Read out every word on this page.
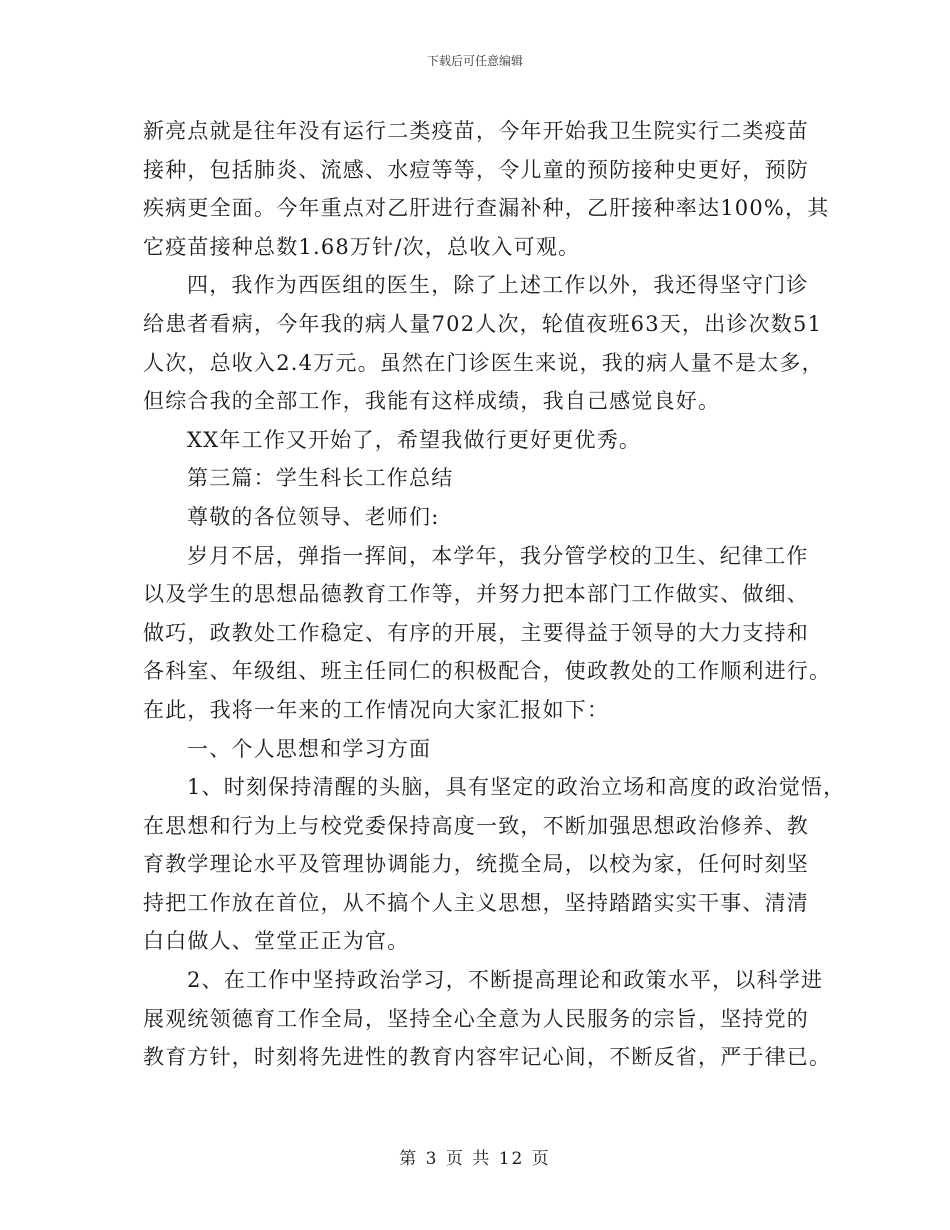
下载后可任意编辑
新亮点就是往年没有运行二类疫苗，今年开始我卫生院实行二类疫苗
接种，包括肺炎、流感、水痘等等，令儿童的预防接种史更好，预防
疾病更全面。今年重点对乙肝进行查漏补种，乙肝接种率达100%，其
它疫苗接种总数1.68万针/次，总收入可观。
四，我作为西医组的医生，除了上述工作以外，我还得坚守门诊
给患者看病，今年我的病人量702人次，轮值夜班63天，出诊次数51
人次，总收入2.4万元。虽然在门诊医生来说，我的病人量不是太多，
但综合我的全部工作，我能有这样成绩，我自己感觉良好。
XX年工作又开始了，希望我做行更好更优秀。
第三篇：学生科长工作总结
尊敬的各位领导、老师们:
岁月不居，弹指一挥间，本学年，我分管学校的卫生、纪律工作
以及学生的思想品德教育工作等，并努力把本部门工作做实、做细、
做巧，政教处工作稳定、有序的开展，主要得益于领导的大力支持和
各科室、年级组、班主任同仁的积极配合，使政教处的工作顺利进行。
在此，我将一年来的工作情况向大家汇报如下：
一、个人思想和学习方面
1、时刻保持清醒的头脑，具有坚定的政治立场和高度的政治觉悟，
在思想和行为上与校党委保持高度一致，不断加强思想政治修养、教
育教学理论水平及管理协调能力，统揽全局，以校为家，任何时刻坚
持把工作放在首位，从不搞个人主义思想，坚持踏踏实实干事、清清
白白做人、堂堂正正为官。
2、在工作中坚持政治学习，不断提高理论和政策水平，以科学进
展观统领德育工作全局，坚持全心全意为人民服务的宗旨，坚持党的
教育方针，时刻将先进性的教育内容牢记心间，不断反省，严于律已。
第 3 页 共 12 页
